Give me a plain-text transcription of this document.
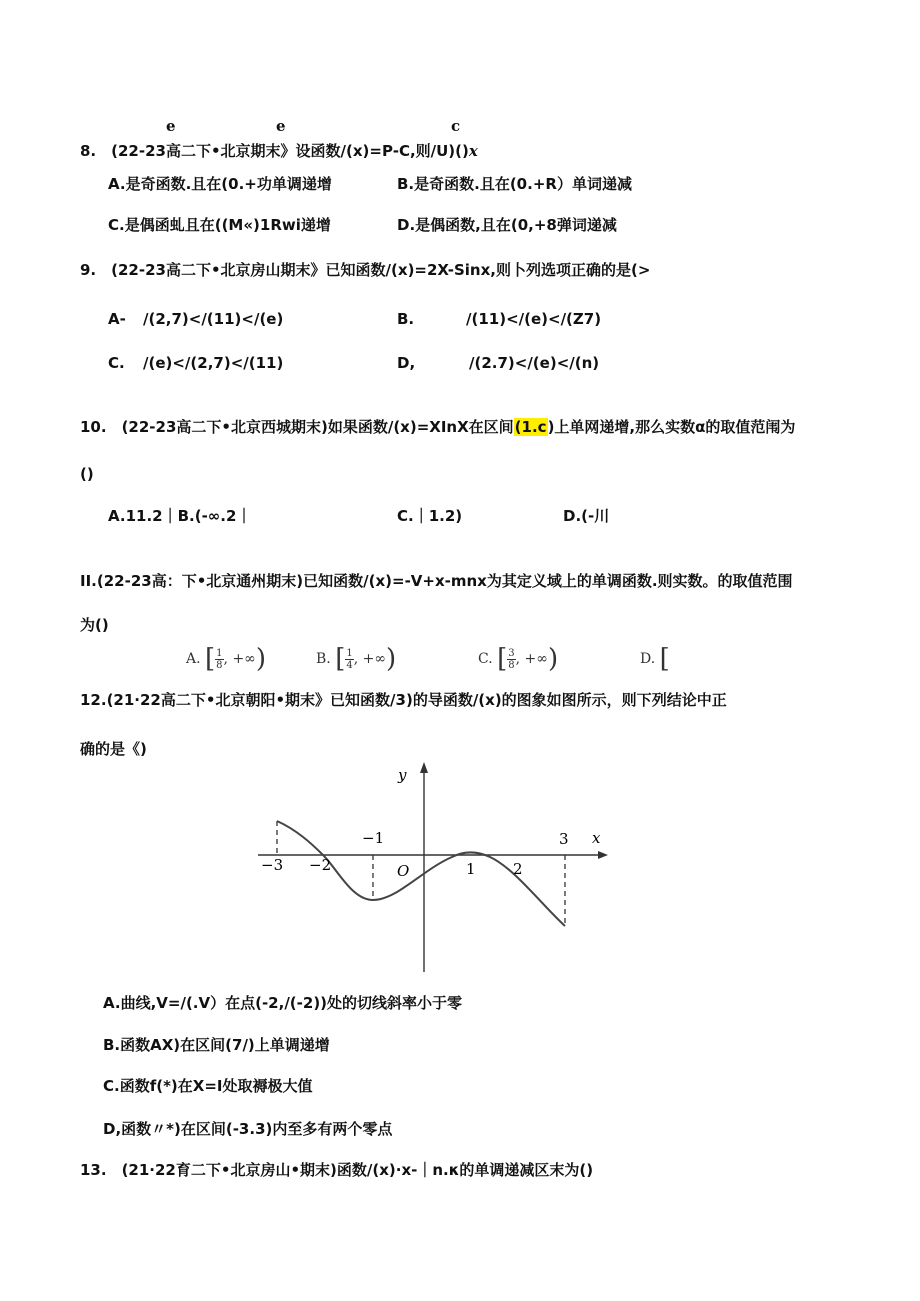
e	e	c
8.　(22-23高二下•北京期末》设函数/(x)=P-C,则/U)()x
A.是奇函数.且在(0.+功单调递增	B.是奇函数.且在(0.+R）单词递减
C.是偶函虬且在((M«)1Rwi递增	D.是偶函数,且在(0,+8弹词递减
9.　(22-23高二下•北京房山期末》已知函数/(x)=2X-Sinx,则卜列选项正确的是(>
A- /(2,7)</(11)</(e)	B.	/(11)</(e)</(Z7)
C. /(e)</(2,7)</(11)	D,	/(2.7)</(e)</(n)
10.　(22-23高二下•北京西城期末)如果函数/(x)=XInX在区间(1.c)上单网递增,那么实数α的取值范闱为
()
A.11.2｜B.(-∞.2｜	C.｜1.2)	D.(-川
II.(22-23高：下•北京通州期末)已知函数/(x)=-V+x-mnx为其定义域上的单调函数.则实数。的取值范围
为()
A. [ $\frac{1}{8}$ , +∞)	B. [ $\frac{1}{4}$ , +∞)	C. [ $\frac{3}{8}$ , +∞)	D. [
12.(21·22高二下•北京朝阳•期末》已知函数/3)的导函数/(x)的图象如图所示，则下列结论中正
确的是《)
y
x
O
−3 −2
−1
1 2
3
A.曲线,V=/(.V）在点(-2,/(-2))处的切线斜率小于零
B.函数AX)在区间(7/)上单调递增
C.函数f(*)在X=I处取褥极大值
D,函数〃*)在区间(-3.3)内至多有两个零点
13.　(21·22育二下•北京房山•期末)函数/(x)·x-｜n.κ的单调递减区末为()
